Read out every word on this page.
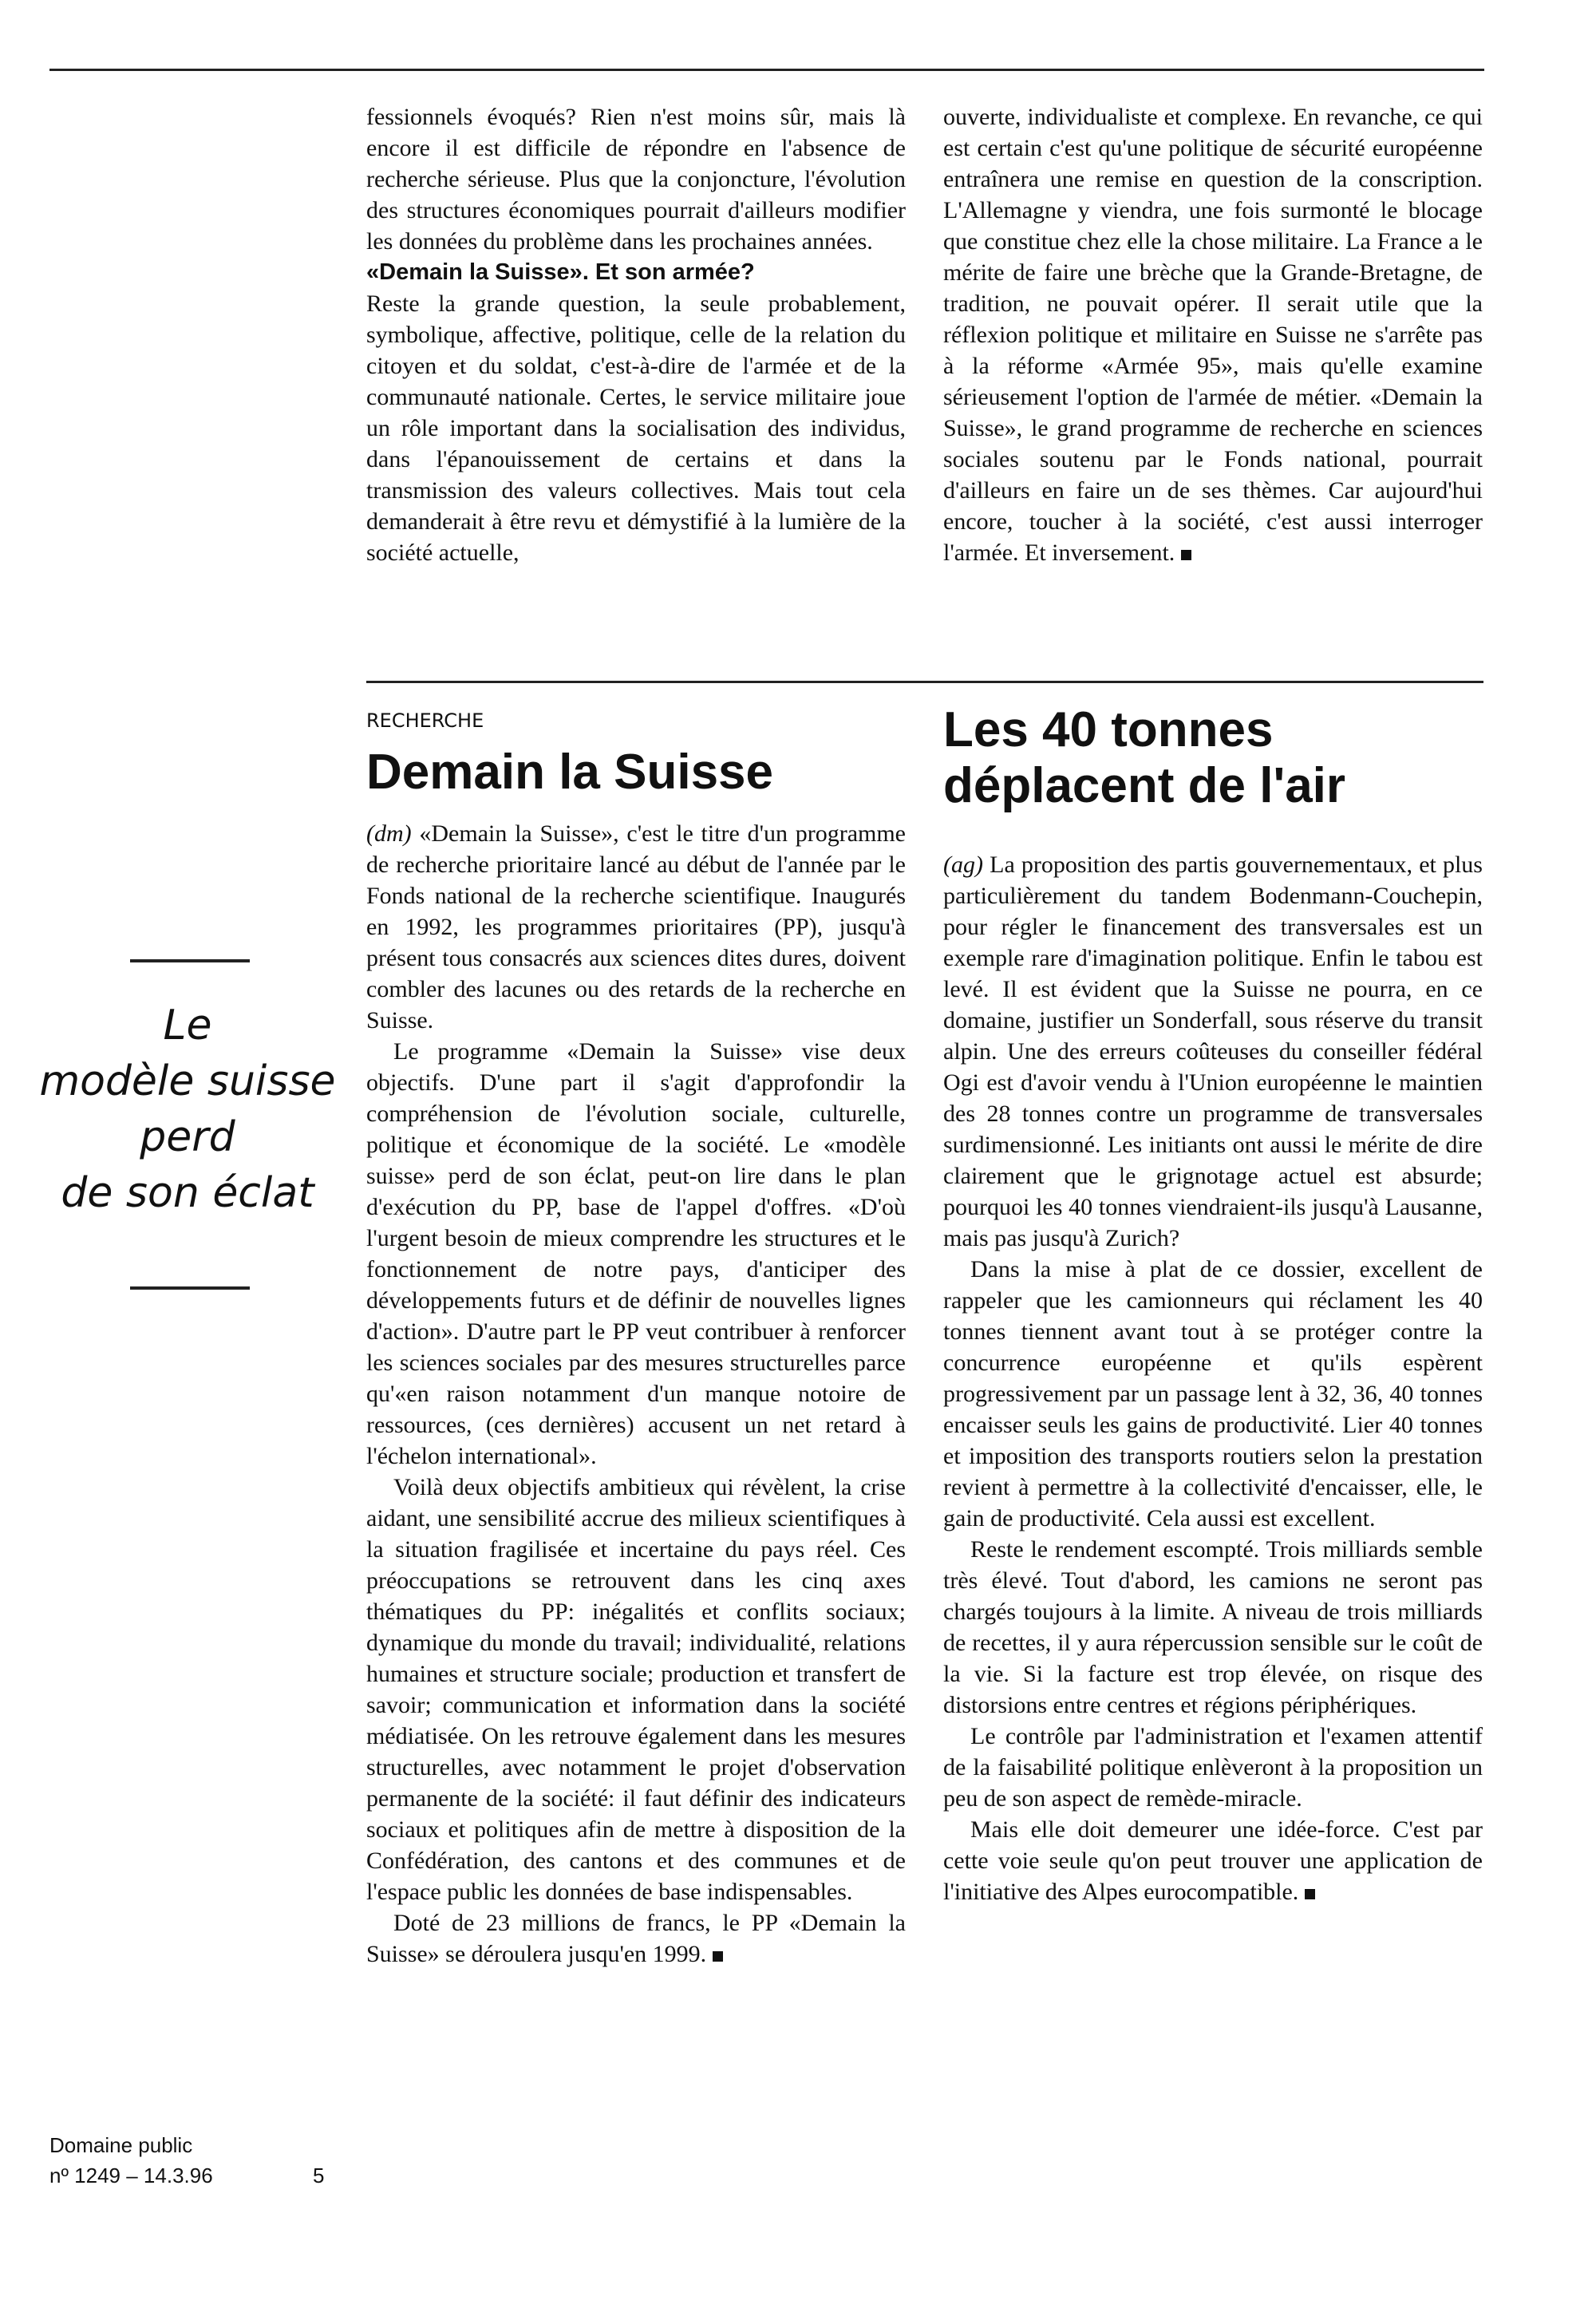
fessionnels évoqués? Rien n'est moins sûr, mais là encore il est difficile de répondre en l'absence de recherche sérieuse. Plus que la conjoncture, l'évolution des structures économiques pourrait d'ailleurs modifier les données du problème dans les prochaines années.

«Demain la Suisse». Et son armée?

Reste la grande question, la seule probablement, symbolique, affective, politique, celle de la relation du citoyen et du soldat, c'est-à-dire de l'armée et de la communauté nationale. Certes, le service militaire joue un rôle important dans la socialisation des individus, dans l'épanouissement de certains et dans la transmission des valeurs collectives. Mais tout cela demanderait à être revu et démystifié à la lumière de la société actuelle,

ouverte, individualiste et complexe. En revanche, ce qui est certain c'est qu'une politique de sécurité européenne entraînera une remise en question de la conscription. L'Allemagne y viendra, une fois surmonté le blocage que constitue chez elle la chose militaire. La France a le mérite de faire une brèche que la Grande-Bretagne, de tradition, ne pouvait opérer. Il serait utile que la réflexion politique et militaire en Suisse ne s'arrête pas à la réforme «Armée 95», mais qu'elle examine sérieusement l'option de l'armée de métier. «Demain la Suisse», le grand programme de recherche en sciences sociales soutenu par le Fonds national, pourrait d'ailleurs en faire un de ses thèmes. Car aujourd'hui encore, toucher à la société, c'est aussi interroger l'armée. Et inversement.

RECHERCHE
Demain la Suisse

(dm) «Demain la Suisse», c'est le titre d'un programme de recherche prioritaire lancé au début de l'année par le Fonds national de la recherche scientifique. Inaugurés en 1992, les programmes prioritaires (PP), jusqu'à présent tous consacrés aux sciences dites dures, doivent combler des lacunes ou des retards de la recherche en Suisse.

Le programme «Demain la Suisse» vise deux objectifs. D'une part il s'agit d'approfondir la compréhension de l'évolution sociale, culturelle, politique et économique de la société. Le «modèle suisse» perd de son éclat, peut-on lire dans le plan d'exécution du PP, base de l'appel d'offres. «D'où l'urgent besoin de mieux comprendre les structures et le fonctionnement de notre pays, d'anticiper des développements futurs et de définir de nouvelles lignes d'action». D'autre part le PP veut contribuer à renforcer les sciences sociales par des mesures structurelles parce qu'«en raison notamment d'un manque notoire de ressources, (ces dernières) accusent un net retard à l'échelon international».

Voilà deux objectifs ambitieux qui révèlent, la crise aidant, une sensibilité accrue des milieux scientifiques à la situation fragilisée et incertaine du pays réel. Ces préoccupations se retrouvent dans les cinq axes thématiques du PP: inégalités et conflits sociaux; dynamique du monde du travail; individualité, relations humaines et structure sociale; production et transfert de savoir; communication et information dans la société médiatisée. On les retrouve également dans les mesures structurelles, avec notamment le projet d'observation permanente de la société: il faut définir des indicateurs sociaux et politiques afin de mettre à disposition de la Confédération, des cantons et des communes et de l'espace public les données de base indispensables.

Doté de 23 millions de francs, le PP «Demain la Suisse» se déroulera jusqu'en 1999.

Les 40 tonnes
déplacent de l'air

(ag) La proposition des partis gouvernementaux, et plus particulièrement du tandem Bodenmann-Couchepin, pour régler le financement des transversales est un exemple rare d'imagination politique. Enfin le tabou est levé. Il est évident que la Suisse ne pourra, en ce domaine, justifier un Sonderfall, sous réserve du transit alpin. Une des erreurs coûteuses du conseiller fédéral Ogi est d'avoir vendu à l'Union européenne le maintien des 28 tonnes contre un programme de transversales surdimensionné. Les initiants ont aussi le mérite de dire clairement que le grignotage actuel est absurde; pourquoi les 40 tonnes viendraient-ils jusqu'à Lausanne, mais pas jusqu'à Zurich?

Dans la mise à plat de ce dossier, excellent de rappeler que les camionneurs qui réclament les 40 tonnes tiennent avant tout à se protéger contre la concurrence européenne et qu'ils espèrent progressivement par un passage lent à 32, 36, 40 tonnes encaisser seuls les gains de productivité. Lier 40 tonnes et imposition des transports routiers selon la prestation revient à permettre à la collectivité d'encaisser, elle, le gain de productivité. Cela aussi est excellent.

Reste le rendement escompté. Trois milliards semble très élevé. Tout d'abord, les camions ne seront pas chargés toujours à la limite. A niveau de trois milliards de recettes, il y aura répercussion sensible sur le coût de la vie. Si la facture est trop élevée, on risque des distorsions entre centres et régions périphériques.

Le contrôle par l'administration et l'examen attentif de la faisabilité politique enlèveront à la proposition un peu de son aspect de remède-miracle.

Mais elle doit demeurer une idée-force. C'est par cette voie seule qu'on peut trouver une application de l'initiative des Alpes eurocompatible.

Le
modèle suisse
perd
de son éclat
Domaine public
nº 1249 – 14.3.96	5
